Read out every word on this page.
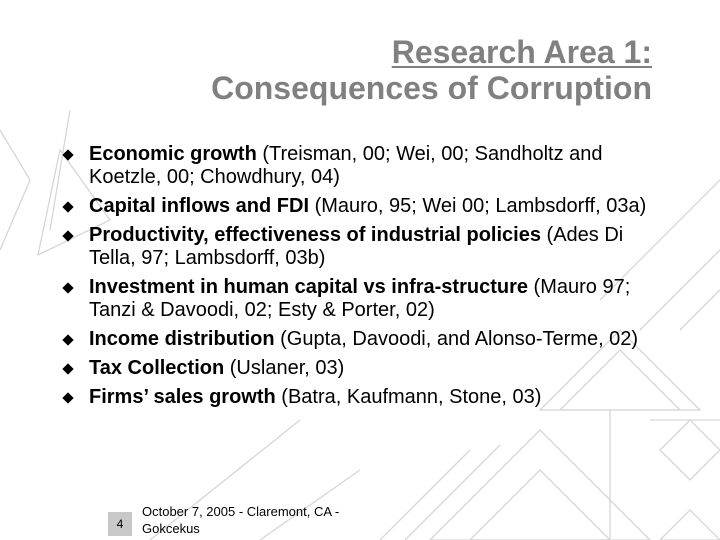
Research Area 1:
Consequences of Corruption
Economic growth (Treisman, 00; Wei, 00; Sandholtz and Koetzle, 00; Chowdhury, 04)
Capital inflows and FDI (Mauro, 95; Wei 00; Lambsdorff, 03a)
Productivity, effectiveness of industrial policies (Ades Di Tella, 97; Lambsdorff, 03b)
Investment in human capital vs infra-structure (Mauro 97; Tanzi & Davoodi, 02; Esty & Porter, 02)
Income distribution (Gupta, Davoodi, and Alonso-Terme, 02)
Tax Collection (Uslaner, 03)
Firms’ sales growth (Batra, Kaufmann, Stone, 03)
4
October 7, 2005 - Claremont, CA -
Gokcekus
